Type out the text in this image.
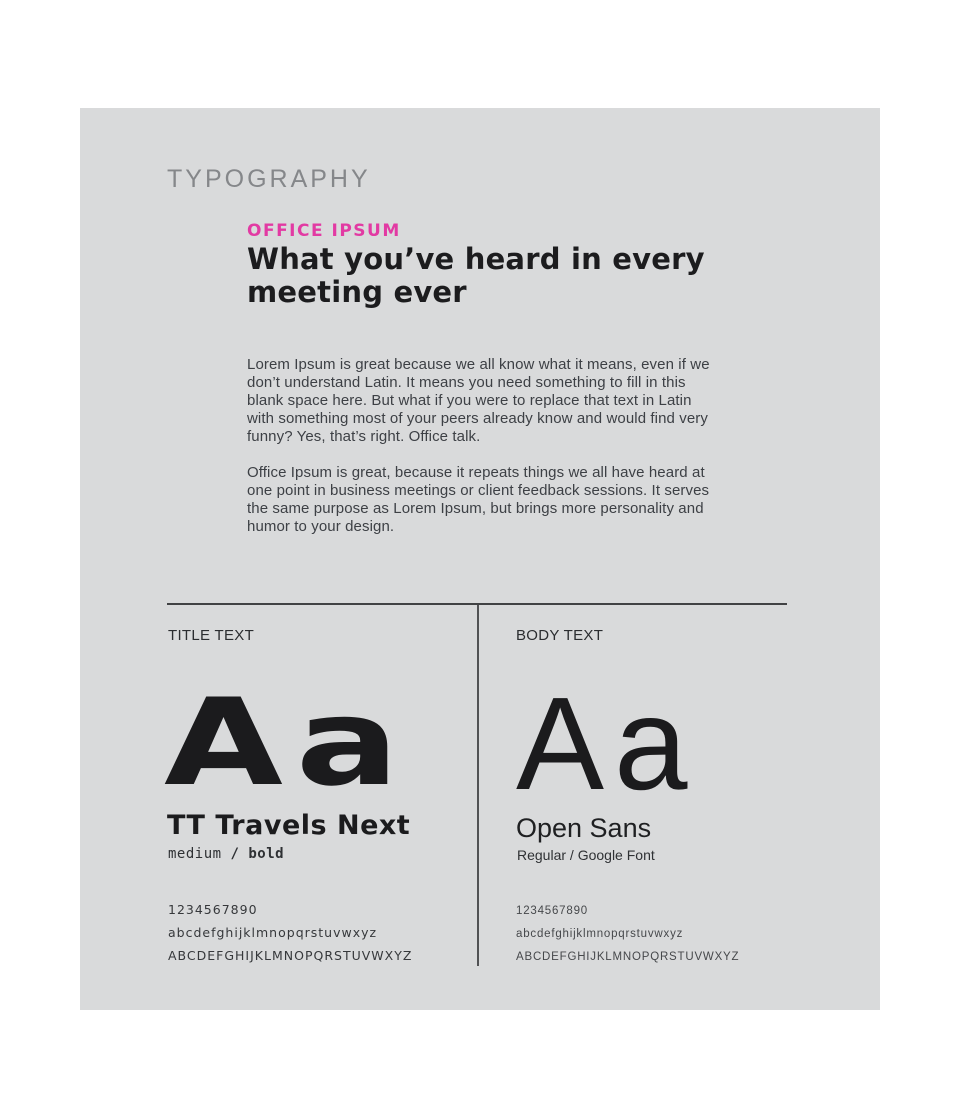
TYPOGRAPHY
OFFICE IPSUM
What you’ve heard in every
meeting ever

Lorem Ipsum is great because we all know what it means, even if we don’t understand Latin. It means you need something to fill in this blank space here. But what if you were to replace that text in Latin with something most of your peers already know and would find very funny? Yes, that’s right. Office talk.

Office Ipsum is great, because it repeats things we all have heard at one point in business meetings or client feedback sessions. It serves the same purpose as Lorem Ipsum, but brings more personality and humor to your design.

TITLE TEXT
Aa
TT Travels Next
medium / bold
1234567890
abcdefghijklmnopqrstuvwxyz
ABCDEFGHIJKLMNOPQRSTUVWXYZ
BODY TEXT
Aa
Open Sans
Regular / Google Font
1234567890
abcdefghijklmnopqrstuvwxyz
ABCDEFGHIJKLMNOPQRSTUVWXYZ
